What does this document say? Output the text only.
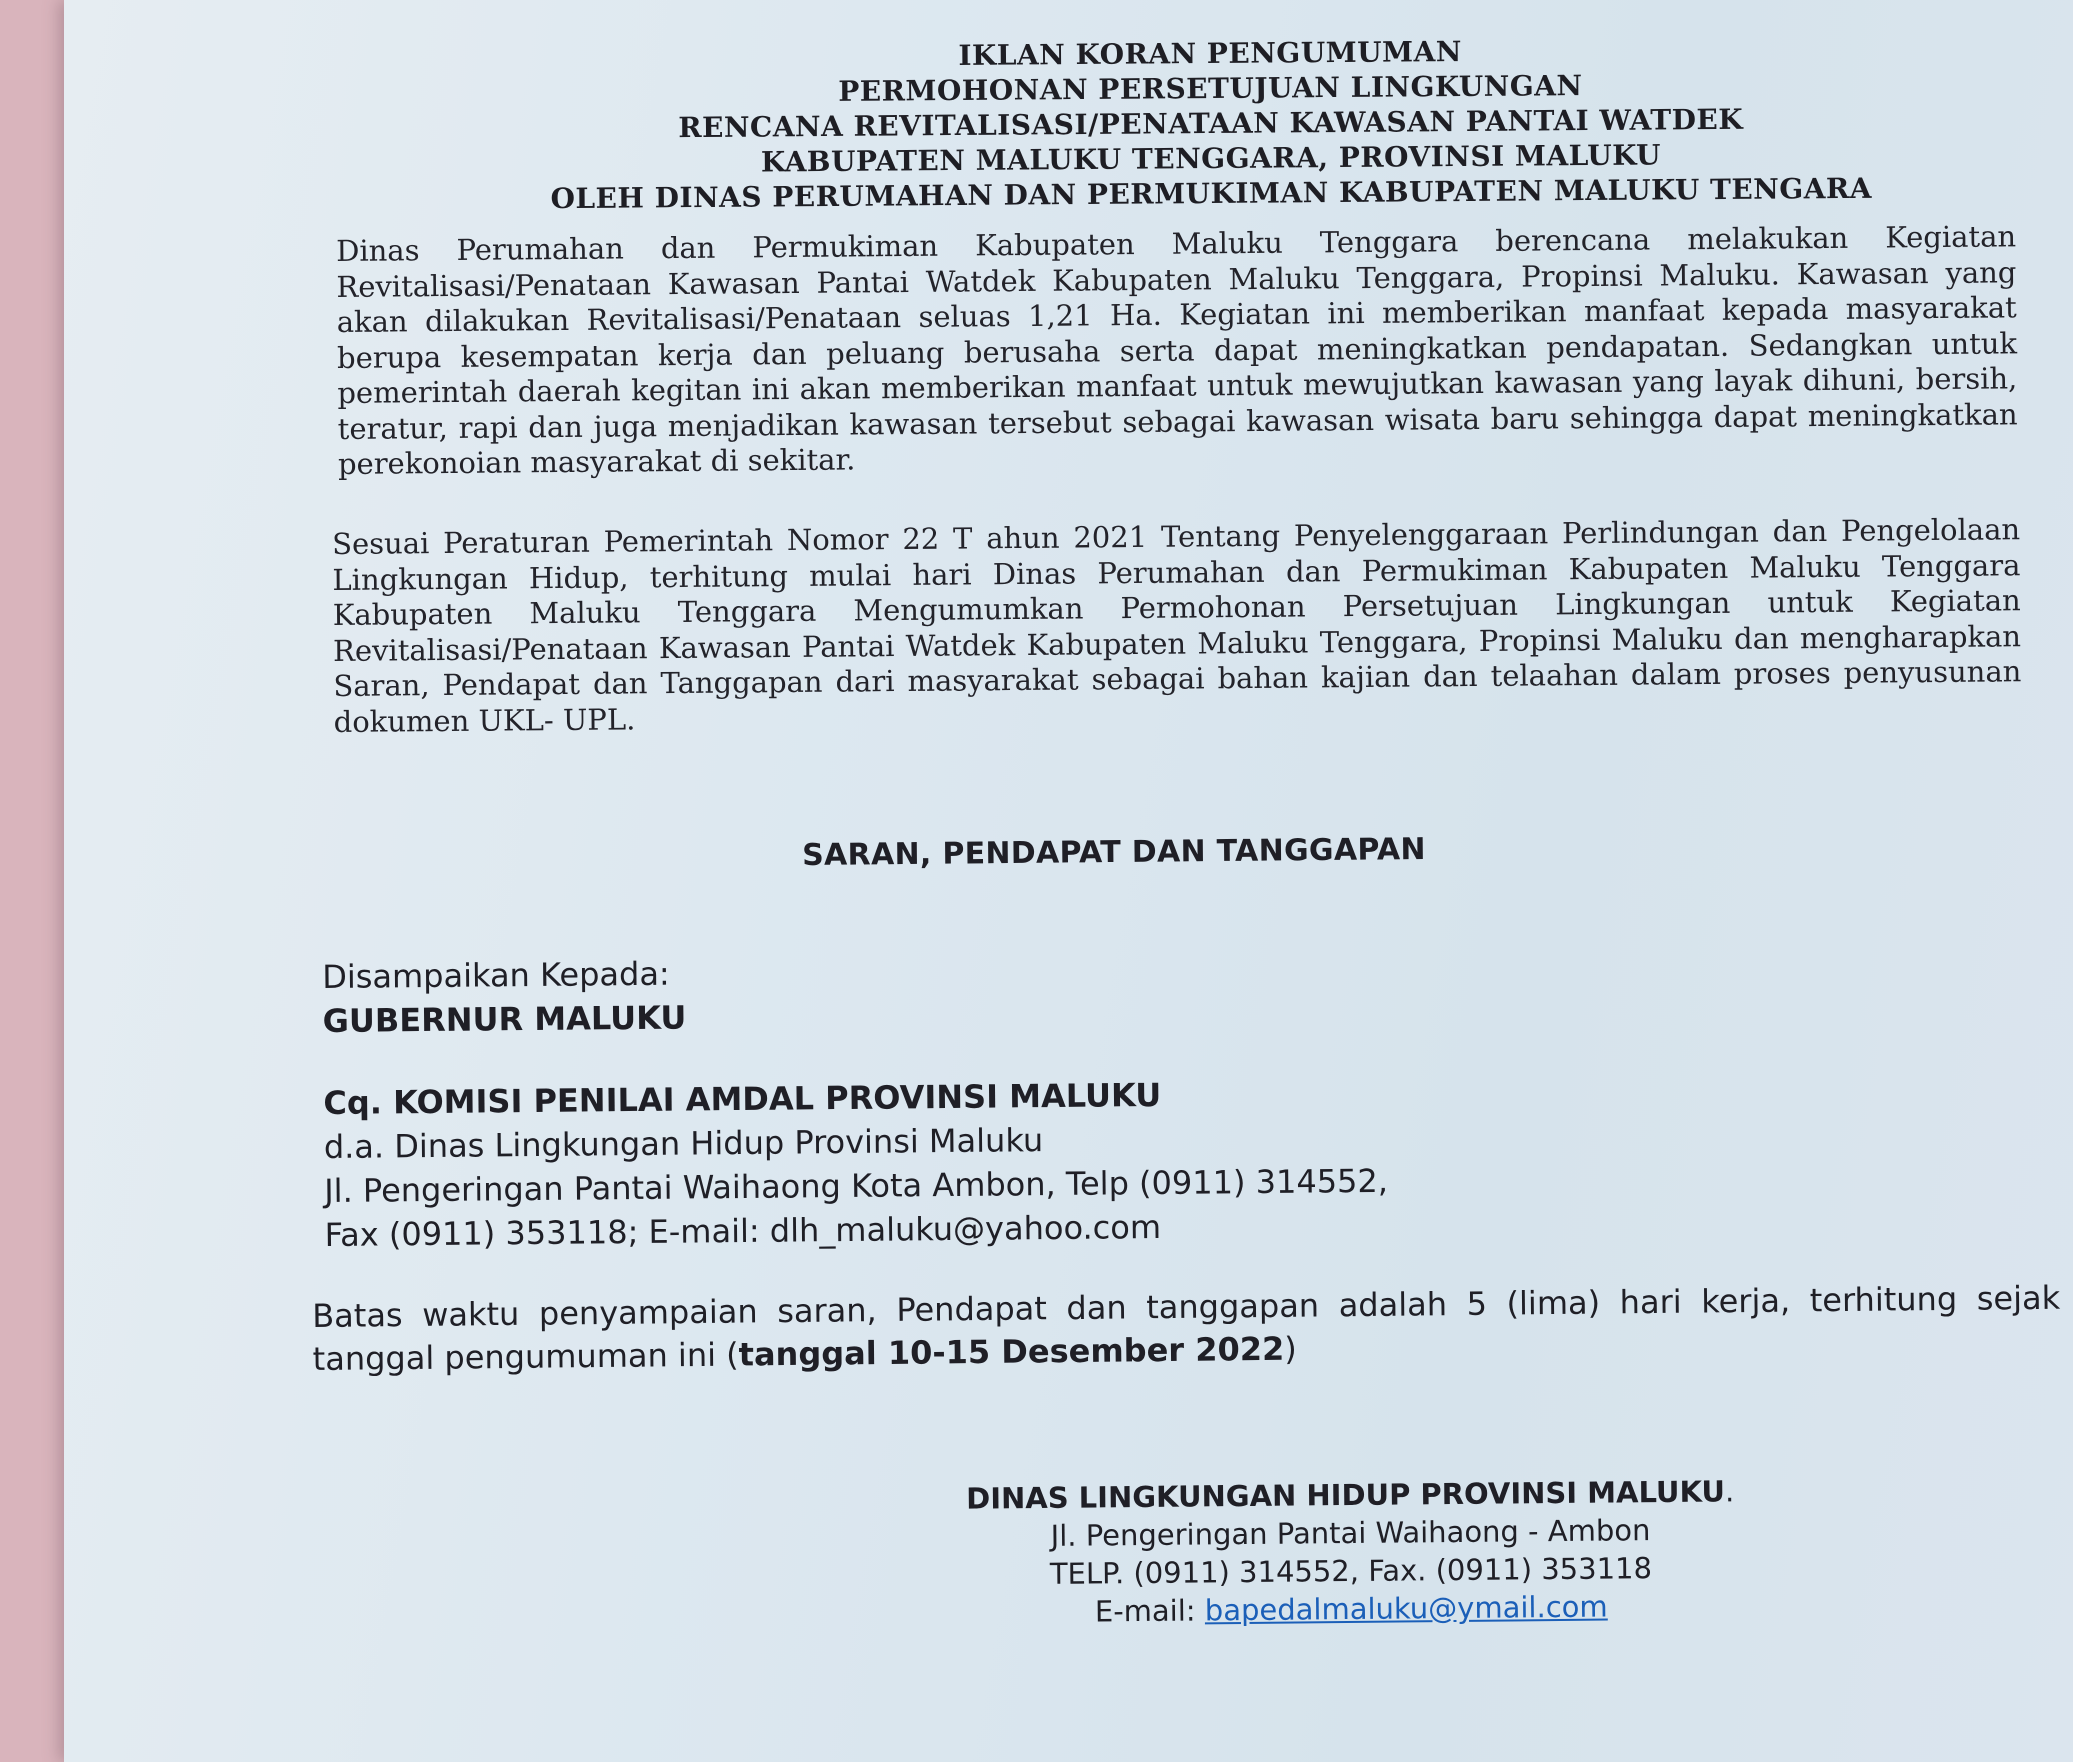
IKLAN KORAN PENGUMUMAN
PERMOHONAN PERSETUJUAN LINGKUNGAN
RENCANA REVITALISASI/PENATAAN KAWASAN PANTAI WATDEK
KABUPATEN MALUKU TENGGARA, PROVINSI MALUKU
OLEH DINAS PERUMAHAN DAN PERMUKIMAN KABUPATEN MALUKU TENGARA
Dinas Perumahan dan Permukiman Kabupaten Maluku Tenggara berencana melakukan Kegiatan Revitalisasi/Penataan Kawasan Pantai Watdek Kabupaten Maluku Tenggara, Propinsi Maluku. Kawasan yang akan dilakukan Revitalisasi/Penataan seluas 1,21 Ha. Kegiatan ini memberikan manfaat kepada masyarakat berupa kesempatan kerja dan peluang berusaha serta dapat meningkatkan pendapatan. Sedangkan untuk pemerintah daerah kegitan ini akan memberikan manfaat untuk mewujutkan kawasan yang layak dihuni, bersih, teratur, rapi dan juga menjadikan kawasan tersebut sebagai kawasan wisata baru sehingga dapat meningkatkan perekonoian masyarakat di sekitar.
Sesuai Peraturan Pemerintah Nomor 22 T ahun 2021 Tentang Penyelenggaraan Perlindungan dan Pengelolaan Lingkungan Hidup, terhitung mulai hari Dinas Perumahan dan Permukiman Kabupaten Maluku Tenggara Kabupaten Maluku Tenggara Mengumumkan Permohonan Persetujuan Lingkungan untuk Kegiatan Revitalisasi/Penataan Kawasan Pantai Watdek Kabupaten Maluku Tenggara, Propinsi Maluku dan mengharapkan Saran, Pendapat dan Tanggapan dari masyarakat sebagai bahan kajian dan telaahan dalam proses penyusunan dokumen UKL- UPL.
SARAN, PENDAPAT DAN TANGGAPAN
Disampaikan Kepada:
GUBERNUR MALUKU
Cq. KOMISI PENILAI AMDAL PROVINSI MALUKU
d.a. Dinas Lingkungan Hidup Provinsi Maluku
Jl. Pengeringan Pantai Waihaong Kota Ambon, Telp (0911) 314552,
Fax (0911) 353118; E-mail: dlh_maluku@yahoo.com
Batas waktu penyampaian saran, Pendapat dan tanggapan adalah 5 (lima) hari kerja, terhitung sejak tanggal pengumuman ini (tanggal 10-15 Desember 2022)
DINAS LINGKUNGAN HIDUP PROVINSI MALUKU.
Jl. Pengeringan Pantai Waihaong - Ambon
TELP. (0911) 314552, Fax. (0911) 353118
E-mail: bapedalmaluku@ymail.com
